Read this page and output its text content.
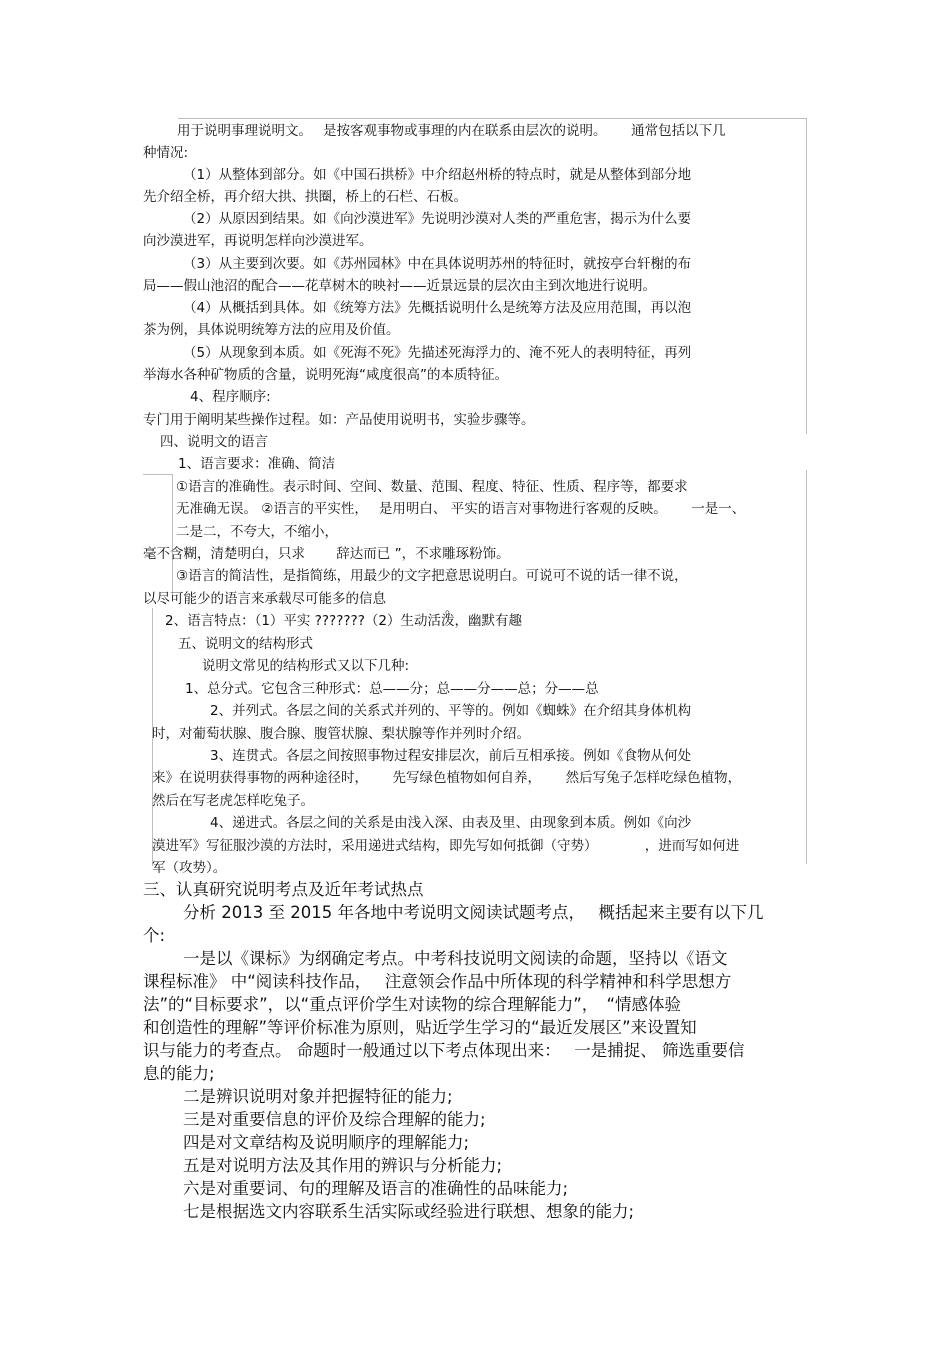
用于说明事理说明文。　 是按客观事物或事理的内在联系由层次的说明。　　 通常包括以下几
种情况:
（1）从整体到部分。如《中国石拱桥》中介绍赵州桥的特点时，就是从整体到部分地
先介绍全桥，再介绍大拱、拱圈，桥上的石栏、石板。
（2）从原因到结果。如《向沙漠进军》先说明沙漠对人类的严重危害，揭示为什么要
向沙漠进军，再说明怎样向沙漠进军。
（3）从主要到次要。如《苏州园林》中在具体说明苏州的特征时，就按亭台轩榭的布
局——假山池沼的配合——花草树木的映衬——近景远景的层次由主到次地进行说明。
（4）从概括到具体。如《统筹方法》先概括说明什么是统筹方法及应用范围，再以泡
茶为例，具体说明统筹方法的应用及价值。
（5）从现象到本质。如《死海不死》先描述死海浮力的、淹不死人的表明特征，再列
举海水各种矿物质的含量，说明死海“咸度很高”的本质特征。
4、程序顺序:
专门用于阐明某些操作过程。如：产品使用说明书，实验步骤等。
四、说明文的语言
1、语言要求：准确、简洁
①语言的准确性。表示时间、空间、数量、范围、程度、特征、性质、程序等，都要求
无准确无误。 ②语言的平实性，　 是用明白、 平实的语言对事物进行客观的反映。　　 一是一、
二是二，不夸大，不缩小，
毫不含糊，清楚明白，只求　　 辞达而已 ”，不求雕琢粉饰。
③语言的简洁性，是指简练，用最少的文字把意思说明白。可说可不说的话一律不说，
以尽可能少的语言来承载尽可能多的信息
。
2、语言特点：（1）平实 ???????（2）生动活泼，幽默有趣
五、说明文的结构形式
说明文常见的结构形式又以下几种:
1、总分式。它包含三种形式：总——分；总——分——总；分——总
2、并列式。各层之间的关系式并列的、平等的。例如《蜘蛛》在介绍其身体机构
时，对葡萄状腺、腹合腺、腹管状腺、梨状腺等作并列时介绍。
3、连贯式。各层之间按照事物过程安排层次，前后互相承接。例如《食物从何处
来》在说明获得事物的两种途径时，　　 先写绿色植物如何自养，　　 然后写兔子怎样吃绿色植物，
然后在写老虎怎样吃兔子。
4、递进式。各层之间的关系是由浅入深、由表及里、由现象到本质。例如《向沙
漠进军》写征服沙漠的方法时，采用递进式结构，即先写如何抵御（守势）　　　　，进而写如何进
军（攻势）。
三、认真研究说明考点及近年考试热点
分析 2013 至 2015 年各地中考说明文阅读试题考点，　 概括起来主要有以下几
个:
一是以《课标》为纲确定考点。中考科技说明文阅读的命题，坚持以《语文
课程标准》 中“阅读科技作品，　 注意领会作品中所体现的科学精神和科学思想方
法”的“目标要求”，以“重点评价学生对读物的综合理解能力”，　“情感体验
和创造性的理解”等评价标准为原则，贴近学生学习的“最近发展区”来设置知
识与能力的考查点。 命题时一般通过以下考点体现出来：　 一是捕捉、 筛选重要信
息的能力;
二是辨识说明对象并把握特征的能力;
三是对重要信息的评价及综合理解的能力;
四是对文章结构及说明顺序的理解能力;
五是对说明方法及其作用的辨识与分析能力;
六是对重要词、句的理解及语言的准确性的品味能力;
七是根据选文内容联系生活实际或经验进行联想、想象的能力;
